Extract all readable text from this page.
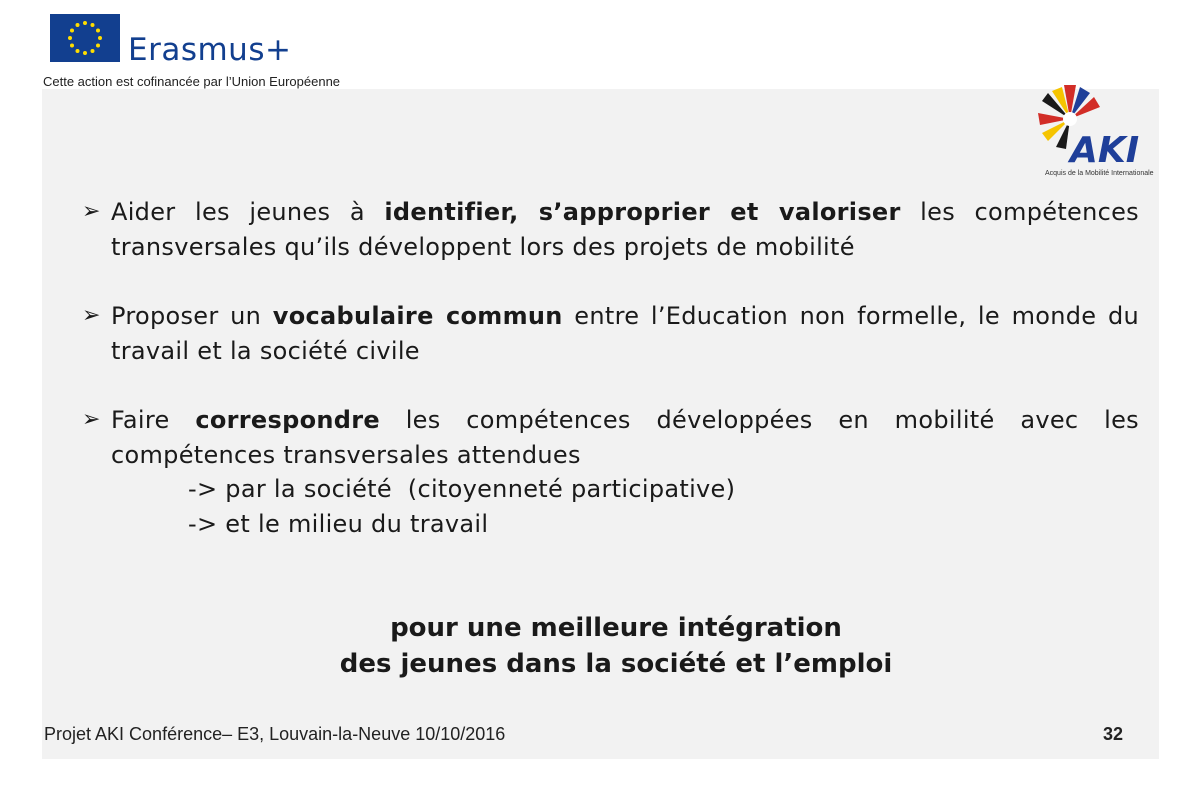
Erasmus+
Cette action est cofinancée par l’Union Européenne
AKI
Acquis de la Mobilité Internationale
➢ Aider les jeunes à identifier, s’approprier et valoriser les compétences transversales qu’ils développent lors des projets de mobilité
➢ Proposer un vocabulaire commun entre l’Education non formelle, le monde du travail et la société civile
➢ Faire correspondre les compétences développées en mobilité avec les compétences transversales attendues
-> par la société  (citoyenneté participative)
-> et le milieu du travail
pour une meilleure intégration
des jeunes dans la société et l’emploi
Projet AKI Conférence– E3, Louvain-la-Neuve 10/10/2016	32
